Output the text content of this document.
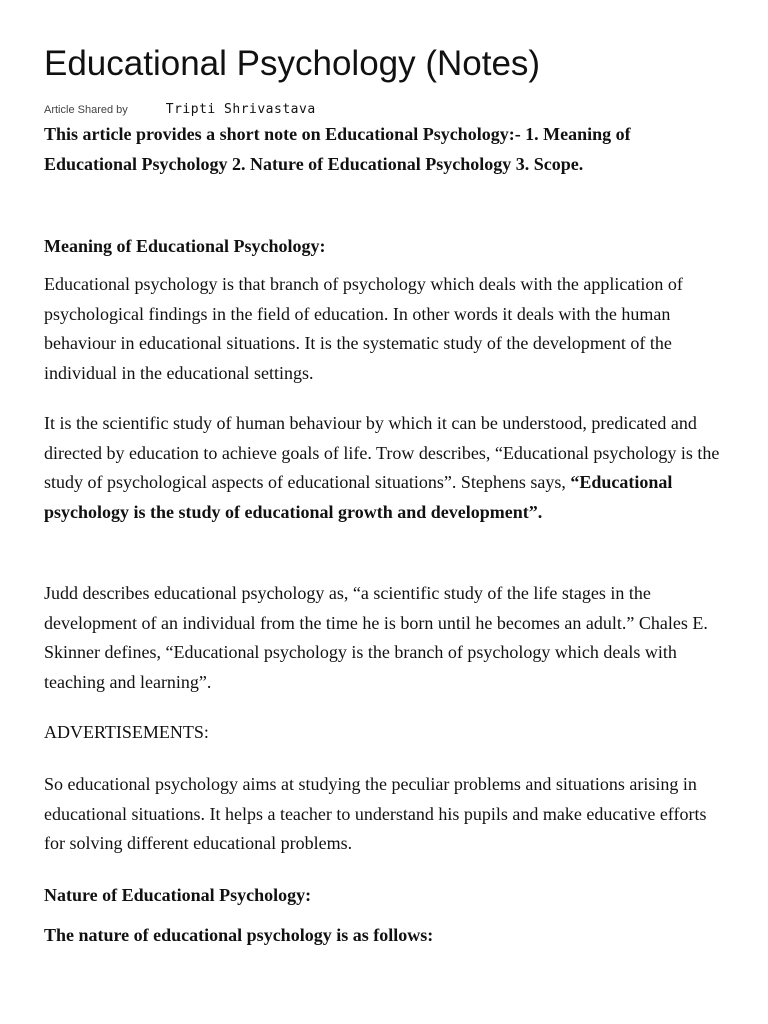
Educational Psychology (Notes)
Article Shared by	Tripti Shrivastava

This article provides a short note on Educational Psychology:- 1. Meaning of Educational Psychology 2. Nature of Educational Psychology 3. Scope.

Meaning of Educational Psychology:

Educational psychology is that branch of psychology which deals with the application of psychological findings in the field of education. In other words it deals with the human behaviour in educational situations. It is the systematic study of the development of the individual in the educational settings.

It is the scientific study of human behaviour by which it can be understood, predicated and directed by education to achieve goals of life. Trow describes, “Educational psychology is the study of psychological aspects of educational situations”. Stephens says, “Educational psychology is the study of educational growth and development”.

Judd describes educational psychology as, “a scientific study of the life stages in the development of an individual from the time he is born until he becomes an adult.” Chales E. Skinner defines, “Educational psychology is the branch of psychology which deals with teaching and learning”.

ADVERTISEMENTS:

So educational psychology aims at studying the peculiar problems and situations arising in educational situations. It helps a teacher to understand his pupils and make educative efforts for solving different educational problems.

Nature of Educational Psychology:

The nature of educational psychology is as follows:
